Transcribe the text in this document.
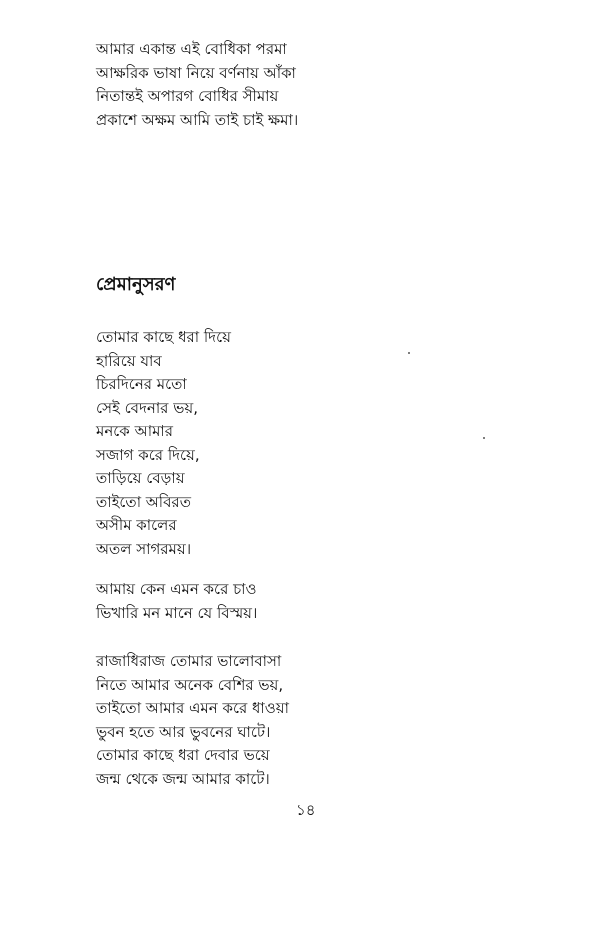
আমার একান্ত এই বোধিকা পরমা
আক্ষরিক ভাষা নিয়ে বর্ণনায় আঁকা
নিতান্তই অপারগ বোধির সীমায়
প্রকাশে অক্ষম আমি তাই চাই ক্ষমা।
প্রেমানুসরণ
তোমার কাছে ধরা দিয়ে
হারিয়ে যাব
চিরদিনের মতো
সেই বেদনার ভয়,
মনকে আমার
সজাগ করে দিয়ে,
তাড়িয়ে বেড়ায়
তাইতো অবিরত
অসীম কালের
অতল সাগরময়।
আমায় কেন এমন করে চাও
ভিখারি মন মানে যে বিস্ময়।
রাজাধিরাজ তোমার ভালোবাসা
নিতে আমার অনেক বেশির ভয়,
তাইতো আমার এমন করে ধাওয়া
ভুবন হতে আর ভুবনের ঘাটে।
তোমার কাছে ধরা দেবার ভয়ে
জন্ম থেকে জন্ম আমার কাটে।
১৪
